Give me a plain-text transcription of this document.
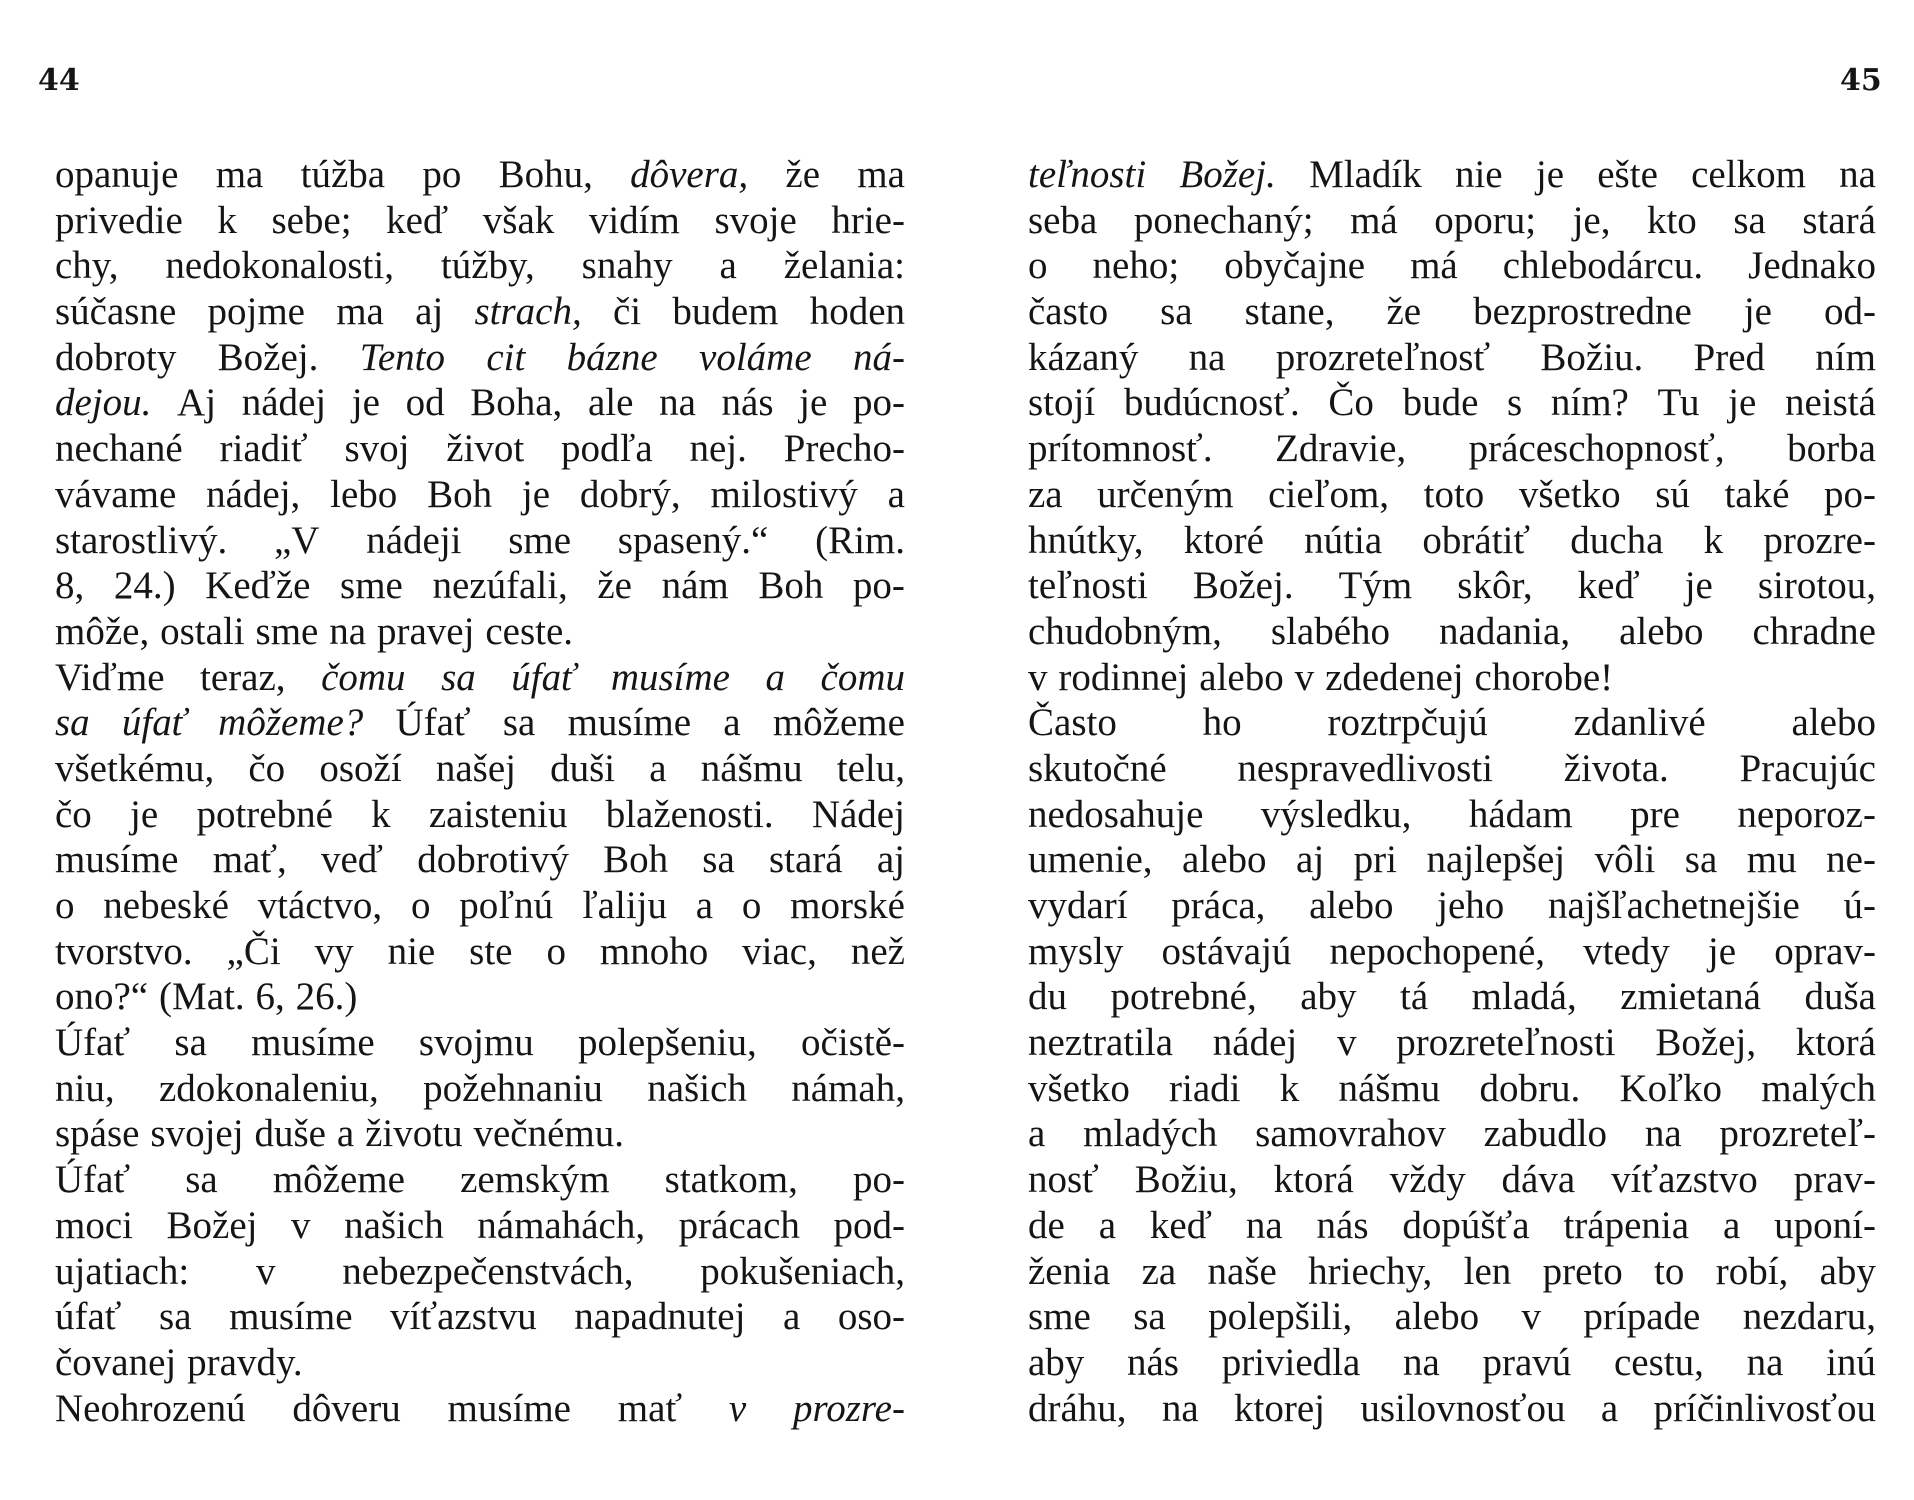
44	45
opanuje ma túžba po Bohu, dôvera, že ma
privedie k sebe; keď však vidím svoje hrie-
chy, nedokonalosti, túžby, snahy a želania:
súčasne pojme ma aj strach, či budem hoden
dobroty Božej. Tento cit bázne voláme ná-
dejou. Aj nádej je od Boha, ale na nás je po-
nechané riadiť svoj život podľa nej. Precho-
vávame nádej, lebo Boh je dobrý, milostivý a
starostlivý. „V nádeji sme spasený.“ (Rim.
8, 24.) Keďže sme nezúfali, že nám Boh po-
môže, ostali sme na pravej ceste.
Viďme teraz, čomu sa úfať musíme a čomu
sa úfať môžeme? Úfať sa musíme a môžeme
všetkému, čo osoží našej duši a nášmu telu,
čo je potrebné k zaisteniu blaženosti. Nádej
musíme mať, veď dobrotivý Boh sa stará aj
o nebeské vtáctvo, o poľnú ľaliju a o morské
tvorstvo. „Či vy nie ste o mnoho viac, než
ono?“ (Mat. 6, 26.)
Úfať sa musíme svojmu polepšeniu, očistě-
niu, zdokonaleniu, požehnaniu našich námah,
spáse svojej duše a životu večnému.
Úfať sa môžeme zemským statkom, po-
moci Božej v našich námahách, prácach pod-
ujatiach: v nebezpečenstvách, pokušeniach,
úfať sa musíme víťazstvu napadnutej a oso-
čovanej pravdy.
Neohrozenú dôveru musíme mať v prozre-
teľnosti Božej. Mladík nie je ešte celkom na
seba ponechaný; má oporu; je, kto sa stará
o neho; obyčajne má chlebodárcu. Jednako
často sa stane, že bezprostredne je od-
kázaný na prozreteľnosť Božiu. Pred ním
stojí budúcnosť. Čo bude s ním? Tu je neistá
prítomnosť. Zdravie, práceschopnosť, borba
za určeným cieľom, toto všetko sú také po-
hnútky, ktoré nútia obrátiť ducha k prozre-
teľnosti Božej. Tým skôr, keď je sirotou,
chudobným, slabého nadania, alebo chradne
v rodinnej alebo v zdedenej chorobe!
Často ho roztrpčujú zdanlivé alebo
skutočné nespravedlivosti života. Pracujúc
nedosahuje výsledku, hádam pre neporoz-
umenie, alebo aj pri najlepšej vôli sa mu ne-
vydarí práca, alebo jeho najšľachetnejšie ú-
mysly ostávajú nepochopené, vtedy je oprav-
du potrebné, aby tá mladá, zmietaná duša
neztratila nádej v prozreteľnosti Božej, ktorá
všetko riadi k nášmu dobru. Koľko malých
a mladých samovrahov zabudlo na prozreteľ-
nosť Božiu, ktorá vždy dáva víťazstvo prav-
de a keď na nás dopúšťa trápenia a uponí-
ženia za naše hriechy, len preto to robí, aby
sme sa polepšili, alebo v prípade nezdaru,
aby nás priviedla na pravú cestu, na inú
dráhu, na ktorej usilovnosťou a príčinlivosťou
